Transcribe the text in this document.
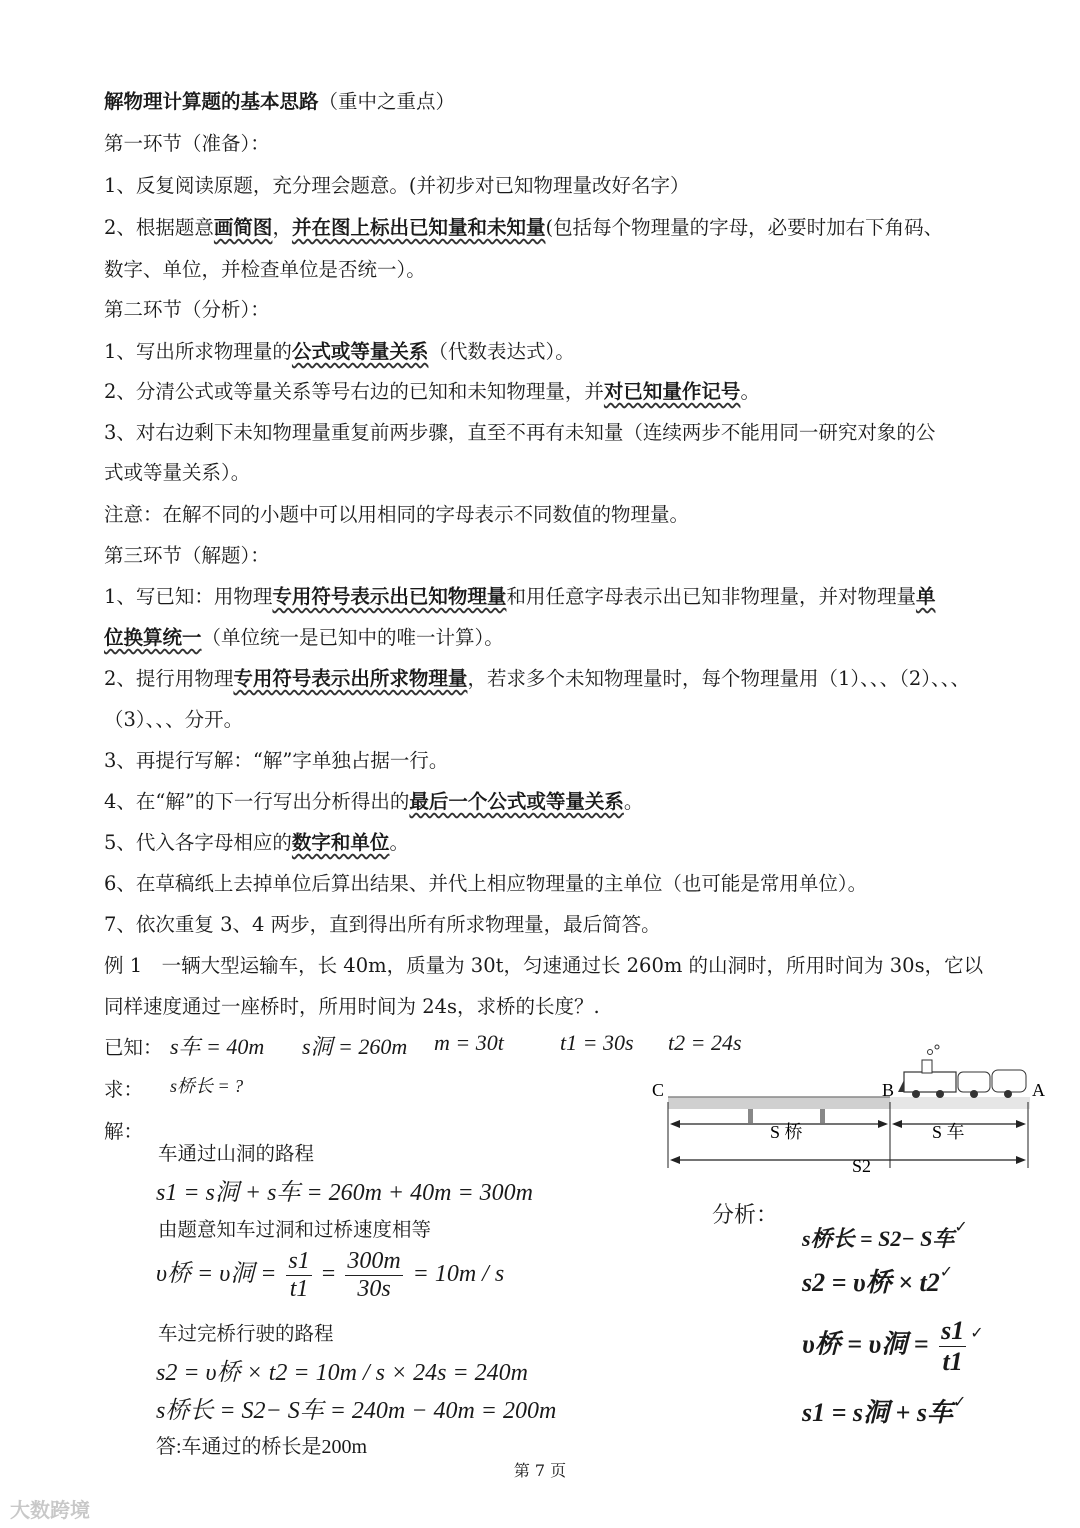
解物理计算题的基本思路（重中之重点）
第一环节（准备）：
1、反复阅读原题，充分理会题意。(并初步对已知物理量改好名字）
2、根据题意画简图，并在图上标出已知量和未知量(包括每个物理量的字母，必要时加右下角码、
数字、单位，并检查单位是否统一）。
第二环节（分析）：
1、写出所求物理量的公式或等量关系（代数表达式）。
2、分清公式或等量关系等号右边的已知和未知物理量，并对已知量作记号。
3、对右边剩下未知物理量重复前两步骤，直至不再有未知量（连续两步不能用同一研究对象的公
式或等量关系）。
注意：在解不同的小题中可以用相同的字母表示不同数值的物理量。
第三环节（解题）：
1、写已知：用物理专用符号表示出已知物理量和用任意字母表示出已知非物理量，并对物理量单
位换算统一（单位统一是已知中的唯一计算）。
2、提行用物理专用符号表示出所求物理量，若求多个未知物理量时，每个物理量用（1）、、、（2）、、、
（3）、、、分开。
3、再提行写解：“解”字单独占据一行。
4、在“解”的下一行写出分析得出的最后一个公式或等量关系。
5、代入各字母相应的数字和单位。
6、在草稿纸上去掉单位后算出结果、并代上相应物理量的主单位（也可能是常用单位）。
7、依次重复 3、4 两步，直到得出所有所求物理量，最后简答。
例 1　一辆大型运输车，长 40m，质量为 30t，匀速通过长 260m 的山洞时，所用时间为 30s，它以
同样速度通过一座桥时，所用时间为 24s，求桥的长度？.
已知： s车 = 40m s洞 = 260m m = 30t	t1 = 30s t2 = 24s
求： s桥长 = ?
解：
车通过山洞的路程
s1 = s洞 + s车 = 260m + 40m = 300m
由题意知车过洞和过桥速度相等
υ桥 = υ洞 = $\frac{s1}{t1} = \frac{300m}{30s} = 10m / s$
车过完桥行驶的路程
s2 = υ桥 × t2 = 10m / s × 24s = 240m
s桥长 = S2− S车 = 240m − 40m = 200m
答:车通过的桥长是200m
C	B	A
S 桥	S 车
S2
分析：
s桥长 = S2− S车✓
s2 = υ桥 × t2✓
υ桥 = υ洞 = $\frac{s1}{t1} ^✓$
s1 = s洞 + s车✓
第 7 页
大数跨境
